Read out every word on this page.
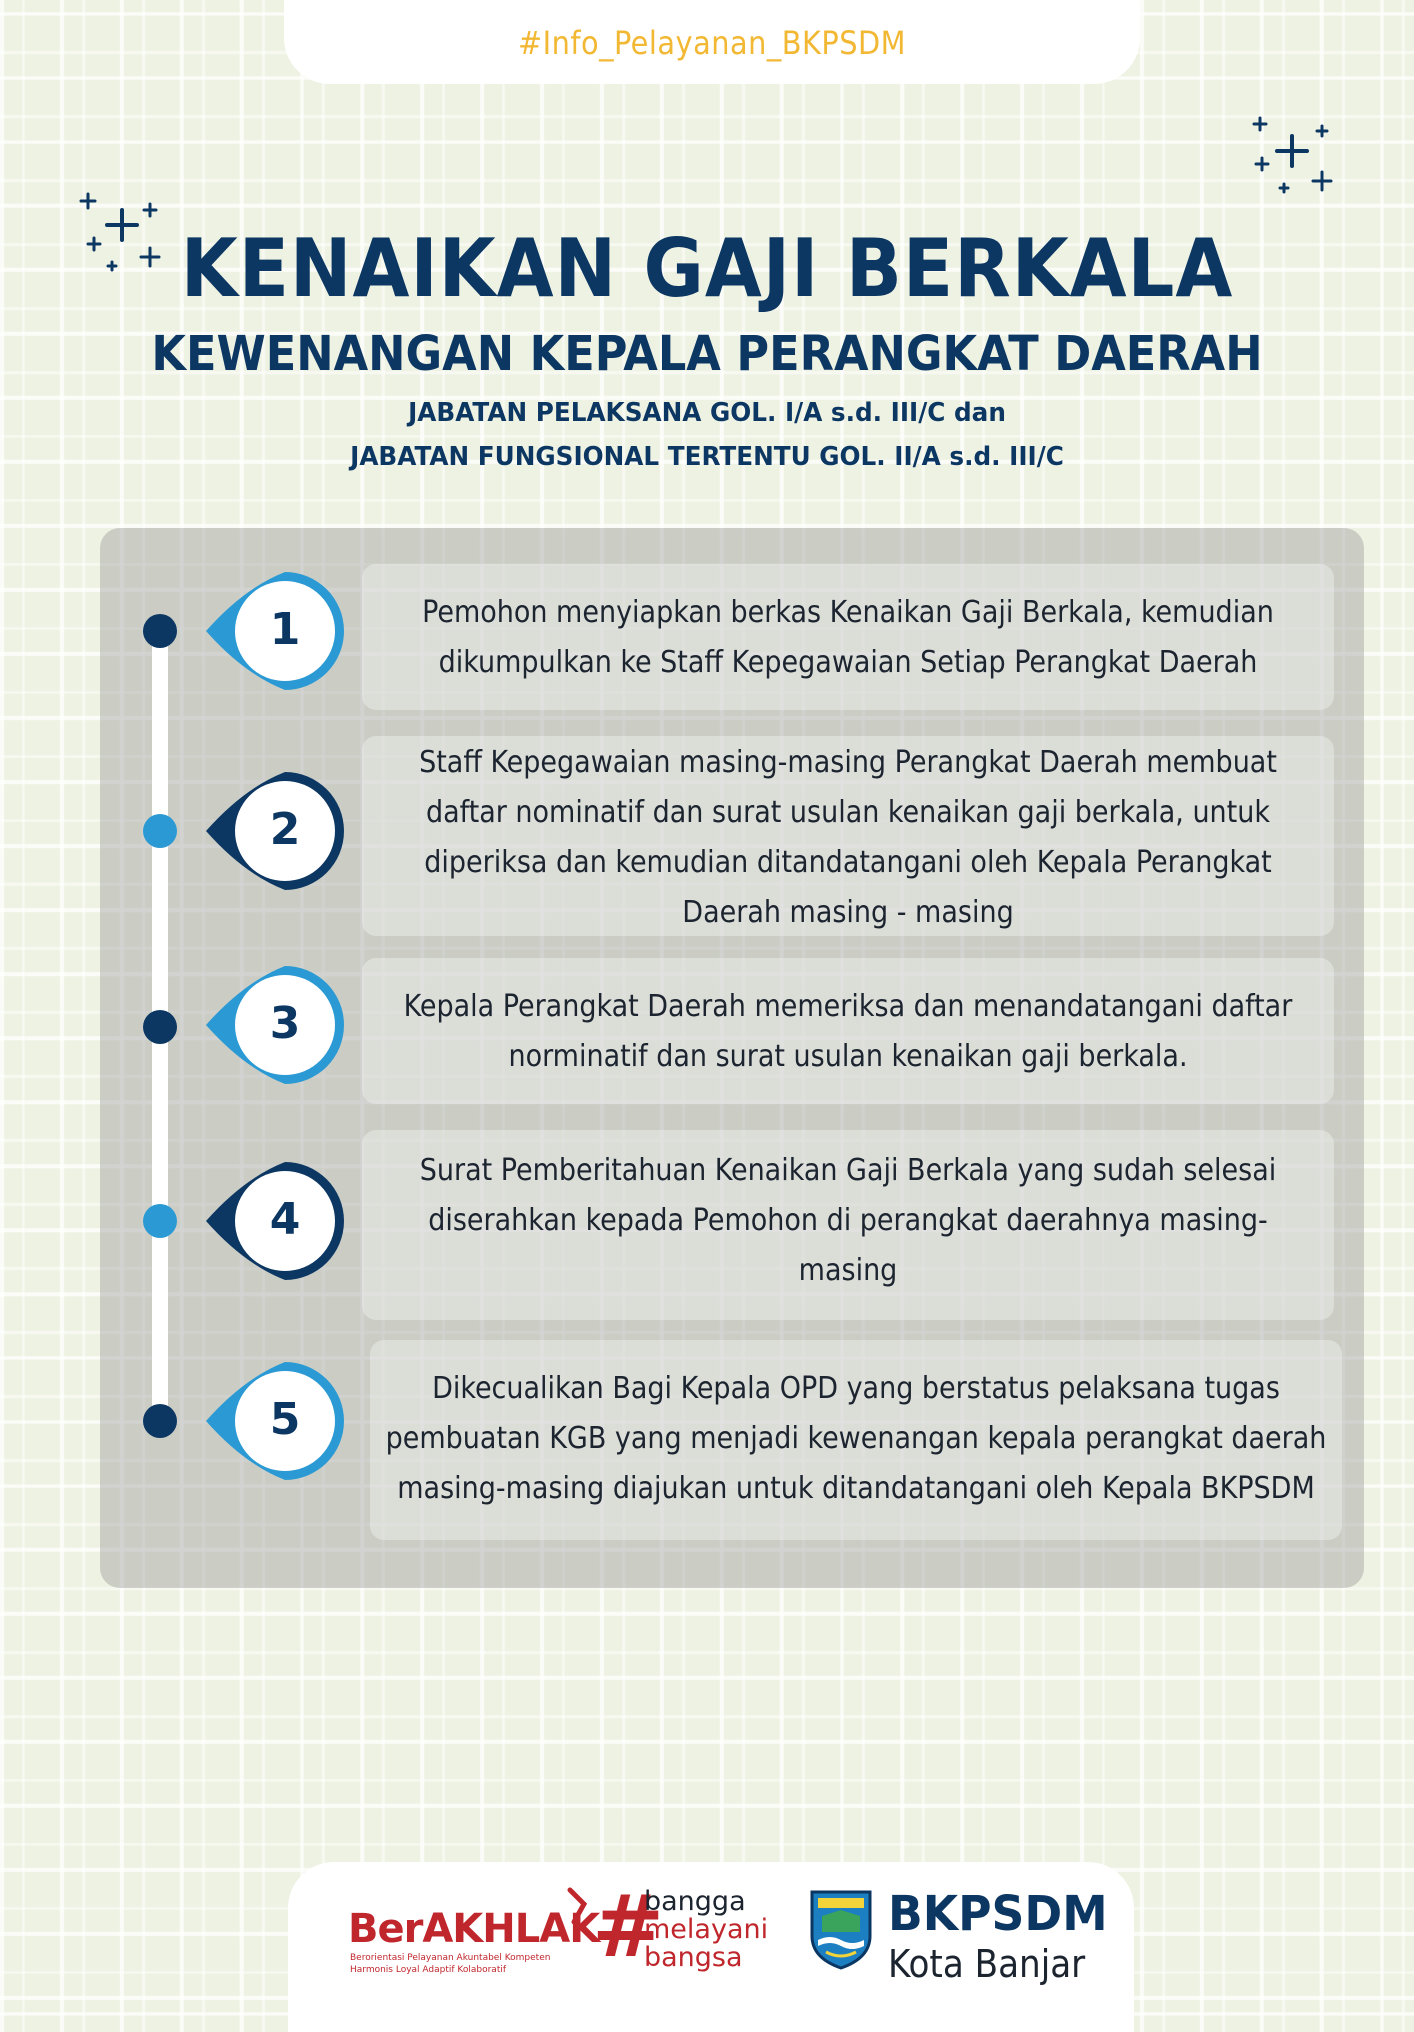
#Info_Pelayanan_BKPSDM
KENAIKAN GAJI BERKALA
KEWENANGAN KEPALA PERANGKAT DAERAH
JABATAN PELAKSANA GOL. I/A s.d. III/C dan
JABATAN FUNGSIONAL TERTENTU GOL. II/A s.d. III/C
1
2
3
4
5
Pemohon menyiapkan berkas Kenaikan Gaji Berkala, kemudian
dikumpulkan ke Staff Kepegawaian Setiap Perangkat Daerah
Staff Kepegawaian masing-masing Perangkat Daerah membuat
daftar nominatif dan surat usulan kenaikan gaji berkala, untuk
diperiksa dan kemudian ditandatangani oleh Kepala Perangkat
Daerah masing - masing
Kepala Perangkat Daerah memeriksa dan menandatangani daftar
norminatif dan surat usulan kenaikan gaji berkala.
Surat Pemberitahuan Kenaikan Gaji Berkala yang sudah selesai
diserahkan kepada Pemohon di perangkat daerahnya masing-
masing
Dikecualikan Bagi Kepala OPD yang berstatus pelaksana tugas
pembuatan KGB yang menjadi kewenangan kepala perangkat daerah
masing-masing diajukan untuk ditandatangani oleh Kepala BKPSDM
BerAKHLAK
Berorientasi Pelayanan Akuntabel Kompeten
Harmonis Loyal Adaptif Kolaboratif #
bangga
melayani
bangsa
BKPSDM
Kota Banjar
